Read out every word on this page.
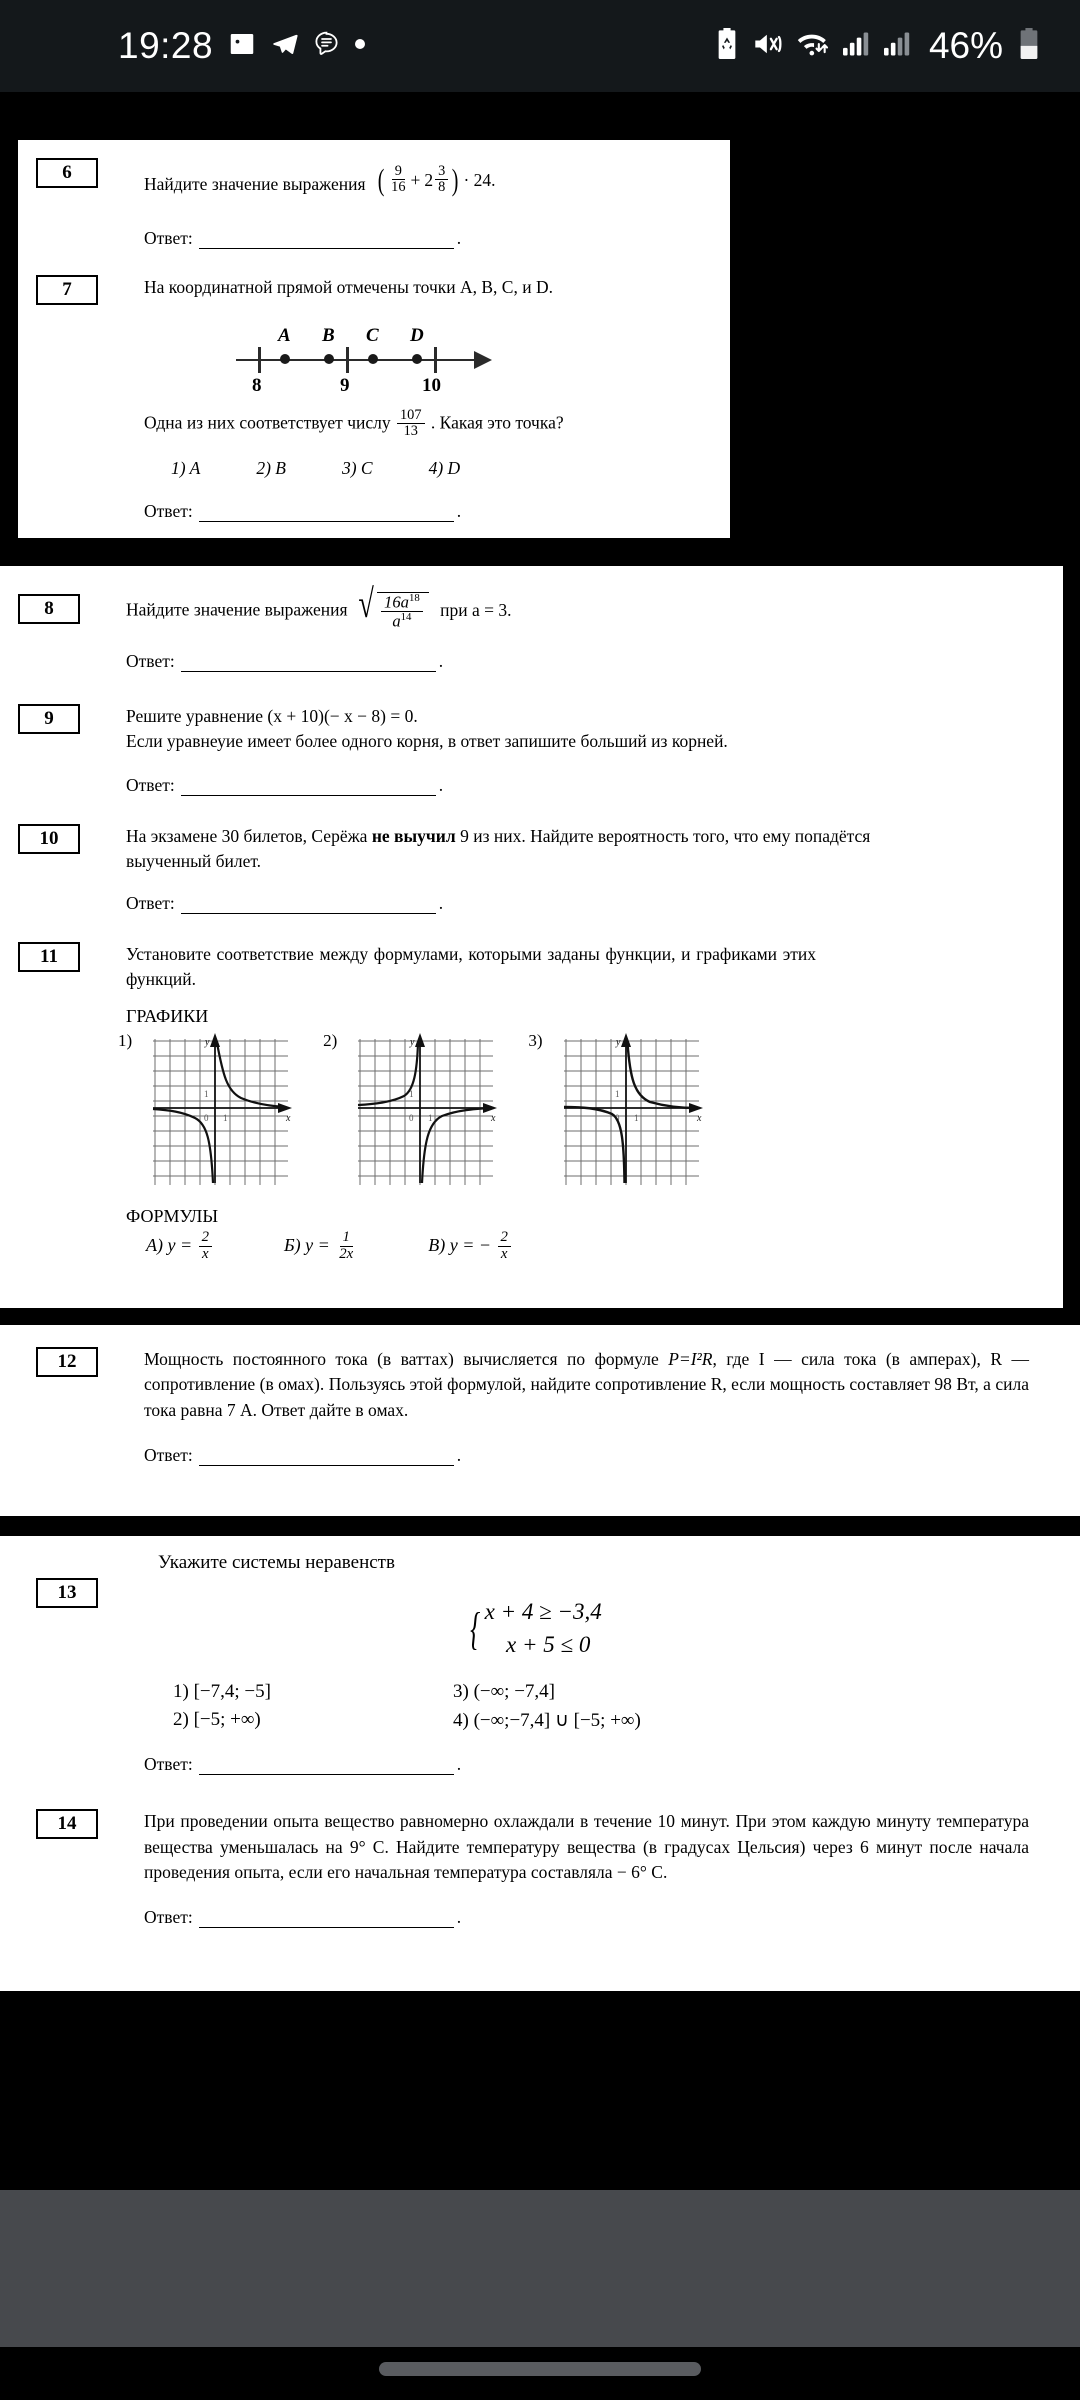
19:28	46%
6
Найдите значение выражения ( $\frac{9}{16} + 2 \frac{3}{8}$ ) · 24.
Ответ:	.
7	На координатной прямой отмечены точки A, B, C, и D.
A B C D
8	9	10
Одна из них соответствует числу $\frac{107}{13}$ . Какая это точка?
1) A	2) B	3) C	4) D
Ответ:	.
8	Найдите значение выражения √ $\frac{16a^{18}}{a^{14}}$ при a = 3.
Ответ:	.
9	Решите уравнение (x + 10)(− x − 8) = 0.
Если уравнеуие имеет более одного корня, в ответ запишите больший из корней.
Ответ:	.
10	На экзамене 30 билетов, Серёжа не выучил 9 из них. Найдите вероятность того, что ему попадётся выученный билет.
Ответ:	.
11	Установите соответствие между формулами, которыми заданы функции, и графиками этих функций.
ГРАФИКИ
1)	y
x
1
0 1
2)	y
x
1
0 1
3)	y
x
1
0 1
ФОРМУЛЫ
А) $y = \frac{2}{x}$	Б) $y = \frac{1}{2x}$	В) y = − $\frac{2}{x}$
12	Мощность постоянного тока (в ваттах) вычисляется по формуле P=I²R, где I — сила тока (в амперах), R — сопротивление (в омах). Пользуясь этой формулой, найдите сопротивление R, если мощность составляет 98 Вт, а сила тока равна 7 А. Ответ дайте в омах.
Ответ:	.
Укажите системы неравенств
13
{ x + 4 ≥ −3,4
x + 5 ≤ 0
1) [−7,4; −5]	3) (−∞; −7,4]
2) [−5; +∞)	4) (−∞;−7,4] ∪ [−5; +∞)
Ответ:	.
14	При проведении опыта вещество равномерно охлаждали в течение 10 минут. При этом каждую минуту температура вещества уменьшалась на 9° C. Найдите температуру вещества (в градусах Цельсия) через 6 минут после начала проведения опыта, если его начальная температура составляла − 6° C.
Ответ:	.
